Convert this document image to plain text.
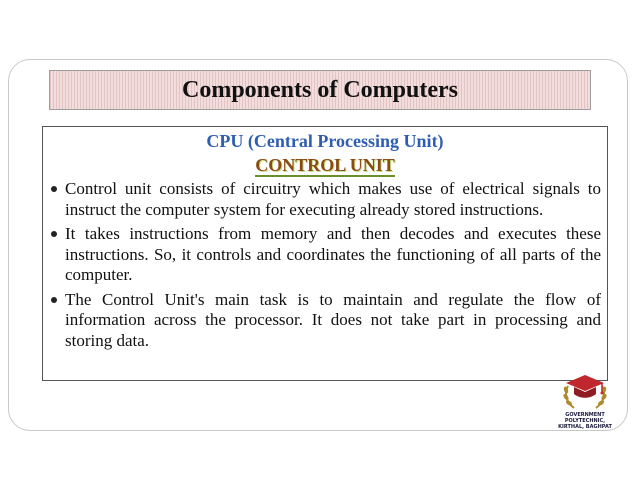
Components of Computers
CPU (Central Processing Unit)
CONTROL UNIT
Control unit consists of circuitry which makes use of electrical signals to instruct the computer system for executing already stored instructions.
It takes instructions from memory and then decodes and executes these instructions. So, it controls and coordinates the functioning of all parts of the computer.
The Control Unit's main task is to maintain and regulate the flow of information across the processor. It does not take part in processing and storing data.
GOVERNMENT POLYTECHNIC,
KIRTHAL, BAGHPAT
